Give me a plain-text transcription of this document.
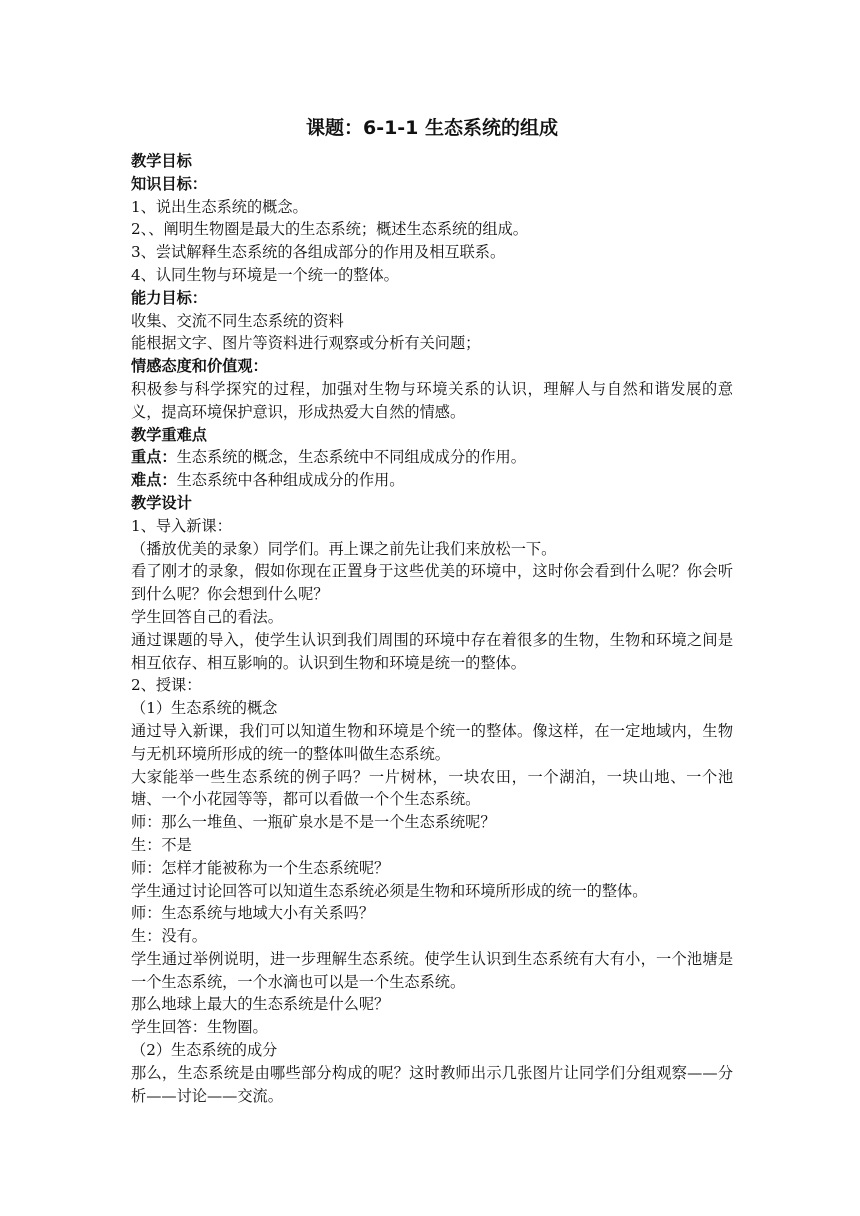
课题：6-1-1 生态系统的组成
教学目标
知识目标：
1、说出生态系统的概念。
2、、阐明生物圈是最大的生态系统；概述生态系统的组成。
3、尝试解释生态系统的各组成部分的作用及相互联系。
4、认同生物与环境是一个统一的整体。
能力目标：
收集、交流不同生态系统的资料
能根据文字、图片等资料进行观察或分析有关问题；
情感态度和价值观：
积极参与科学探究的过程，加强对生物与环境关系的认识，理解人与自然和谐发展的意义，提高环境保护意识，形成热爱大自然的情感。
教学重难点
重点：生态系统的概念，生态系统中不同组成成分的作用。
难点：生态系统中各种组成成分的作用。
教学设计
1、导入新课：
（播放优美的录象）同学们。再上课之前先让我们来放松一下。
看了刚才的录象，假如你现在正置身于这些优美的环境中，这时你会看到什么呢？你会听到什么呢？你会想到什么呢？
学生回答自己的看法。
通过课题的导入，使学生认识到我们周围的环境中存在着很多的生物，生物和环境之间是相互依存、相互影响的。认识到生物和环境是统一的整体。
2、授课：
（1）生态系统的概念
通过导入新课，我们可以知道生物和环境是个统一的整体。像这样，在一定地域内，生物与无机环境所形成的统一的整体叫做生态系统。
大家能举一些生态系统的例子吗？一片树林，一块农田，一个湖泊，一块山地、一个池塘、一个小花园等等，都可以看做一个个生态系统。
师：那么一堆鱼、一瓶矿泉水是不是一个生态系统呢？
生：不是
师：怎样才能被称为一个生态系统呢？
学生通过讨论回答可以知道生态系统必须是生物和环境所形成的统一的整体。
师：生态系统与地域大小有关系吗？
生：没有。
学生通过举例说明，进一步理解生态系统。使学生认识到生态系统有大有小，一个池塘是一个生态系统，一个水滴也可以是一个生态系统。
那么地球上最大的生态系统是什么呢？
学生回答：生物圈。
（2）生态系统的成分
那么，生态系统是由哪些部分构成的呢？这时教师出示几张图片让同学们分组观察——分析——讨论——交流。
